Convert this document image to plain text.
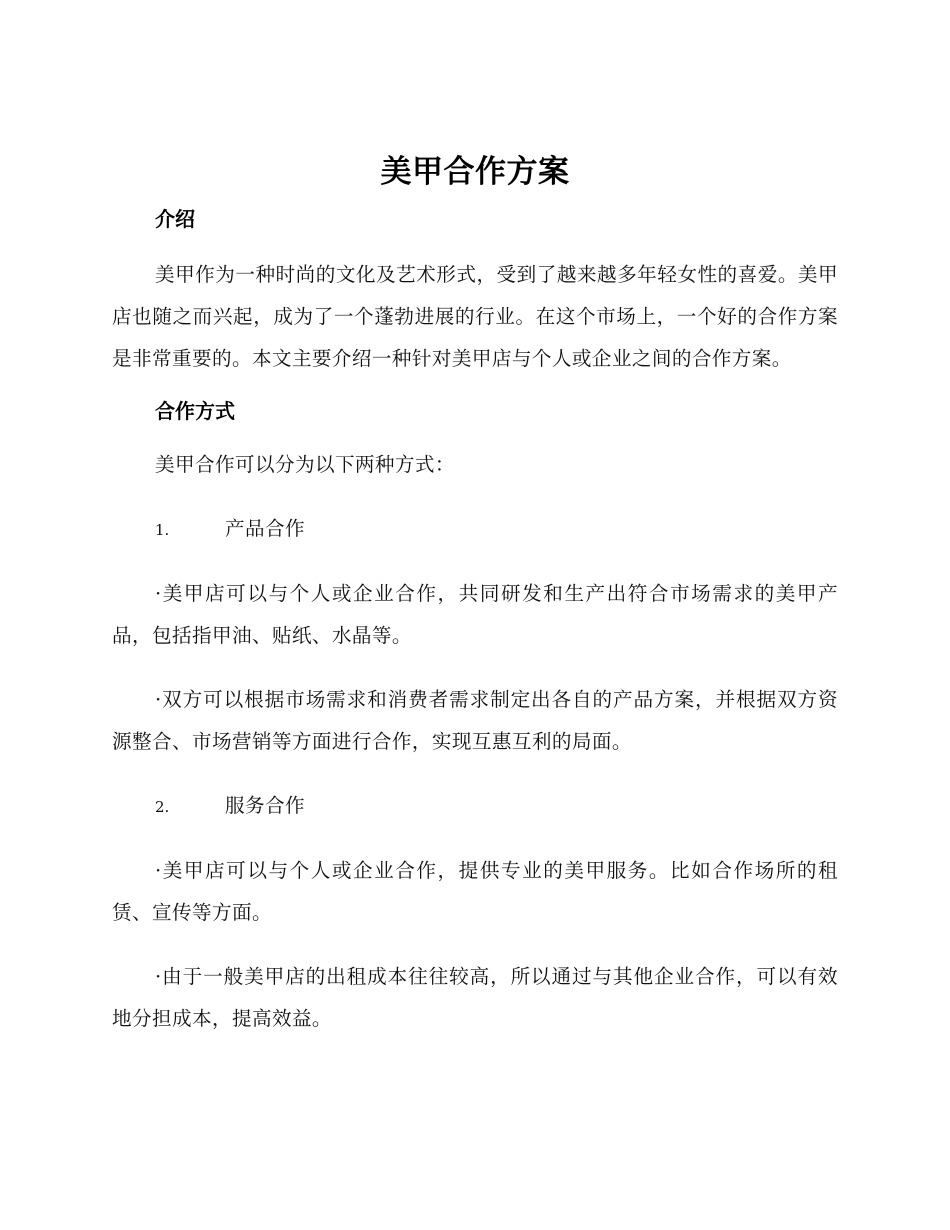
美甲合作方案
介绍

美甲作为一种时尚的文化及艺术形式，受到了越来越多年轻女性的喜爱。美甲店也随之而兴起，成为了一个蓬勃进展的行业。在这个市场上，一个好的合作方案是非常重要的。本文主要介绍一种针对美甲店与个人或企业之间的合作方案。

合作方式

美甲合作可以分为以下两种方式：

1.	产品合作

·美甲店可以与个人或企业合作，共同研发和生产出符合市场需求的美甲产品，包括指甲油、贴纸、水晶等。

·双方可以根据市场需求和消费者需求制定出各自的产品方案，并根据双方资源整合、市场营销等方面进行合作，实现互惠互利的局面。

2.	服务合作

·美甲店可以与个人或企业合作，提供专业的美甲服务。比如合作场所的租赁、宣传等方面。

·由于一般美甲店的出租成本往往较高，所以通过与其他企业合作，可以有效地分担成本，提高效益。
